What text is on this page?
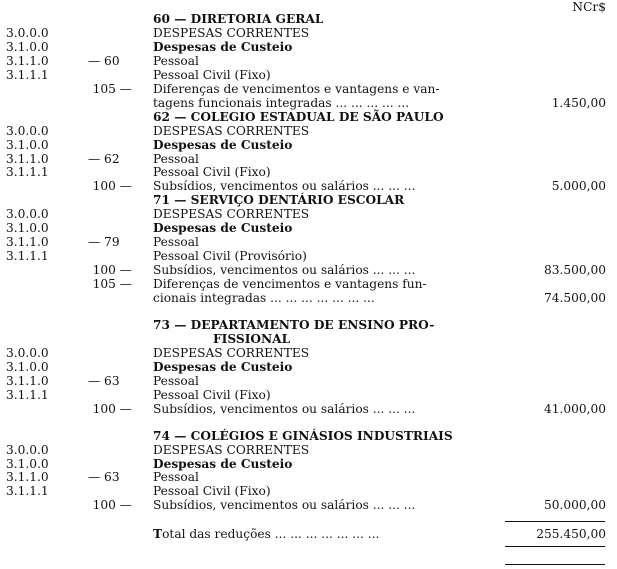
NCr$
60 — DIRETORIA GERAL
3.0.0.0	DESPESAS CORRENTES
3.1.0.0	Despesas de Custeio
3.1.1.0	— 60	Pessoal
3.1.1.1	Pessoal Civil (Fixo)
105 — Diferenças de vencimentos e vantagens e van-
tagens funcionais integradas ... ... ... ... ...	1.450,00
62 — COLEGIO ESTADUAL DE SÃO PAULO
3.0.0.0	DESPESAS CORRENTES
3.1.0.0	Despesas de Custeio
3.1.1.0	— 62	Pessoal
3.1.1.1	Pessoal Civil (Fixo)
100 — Subsídios, vencimentos ou salários ... ... ...	5.000,00
71 — SERVIÇO DENTÁRIO ESCOLAR
3.0.0.0	DESPESAS CORRENTES
3.1.0.0	Despesas de Custeio
3.1.1.0	— 79	Pessoal
3.1.1.1	Pessoal Civil (Provisório)
100 — Subsídios, vencimentos ou salários ... ... ...	83.500,00
105 — Diferenças de vencimentos e vantagens fun-
cionais integradas ... ... ... ... ... ... ...	74.500,00
73 — DEPARTAMENTO DE ENSINO PRO-
FISSIONAL
3.0.0.0	DESPESAS CORRENTES
3.1.0.0	Despesas de Custeio
3.1.1.0	— 63	Pessoal
3.1.1.1	Pessoal Civil (Fixo)
100 — Subsídios, vencimentos ou salários ... ... ...	41.000,00
74 — COLÉGIOS E GINÁSIOS INDUSTRIAIS
3.0.0.0	DESPESAS CORRENTES
3.1.0.0	Despesas de Custeio
3.1.1.0	— 63	Pessoal
3.1.1.1	Pessoal Civil (Fixo)
100 — Subsídios, vencimentos ou salários ... ... ...	50.000,00
Total das reduções ... ... ... ... ... ... ...	255.450,00
